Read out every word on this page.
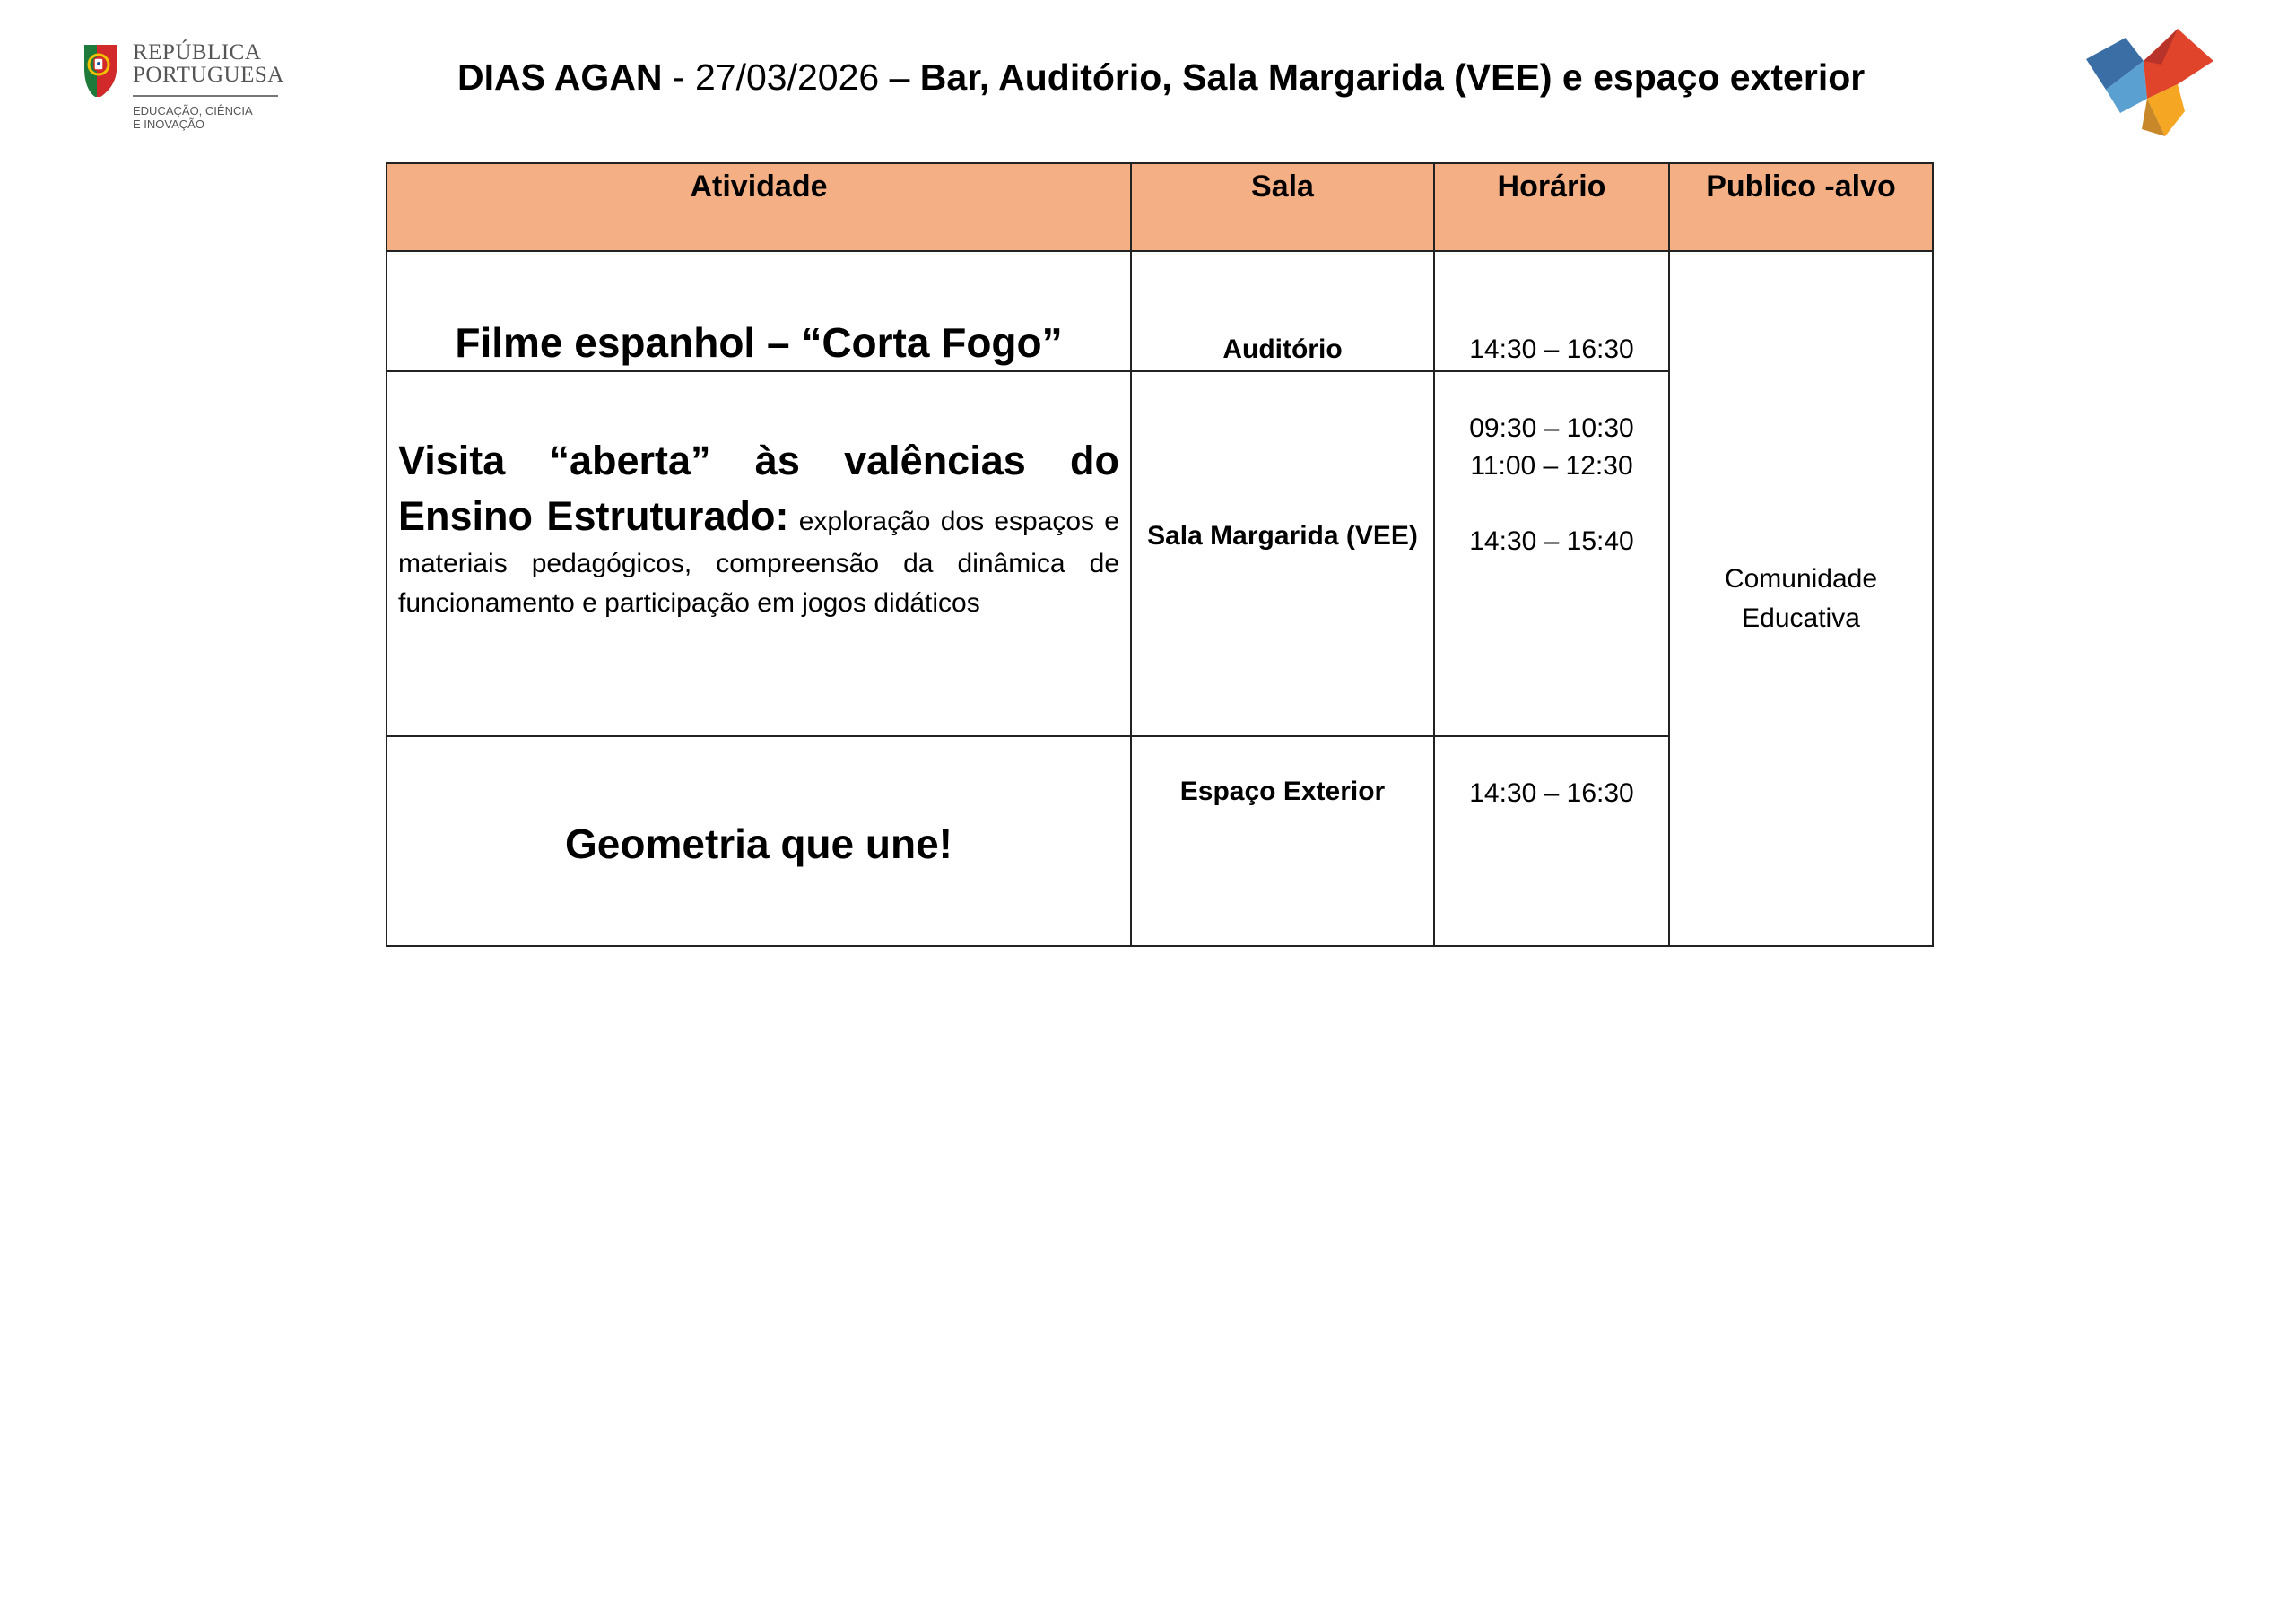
REPÚBLICA
PORTUGUESA
EDUCAÇÃO, CIÊNCIA
E INOVAÇÃO
DIAS AGAN - 27/03/2026 – Bar, Auditório, Sala Margarida (VEE) e espaço exterior
Atividade	Sala	Horário	Publico -alvo

Filme espanhol – “Corta Fogo”	Auditório	14:30 – 16:30	Comunidade
Educativa

Visita “aberta” às valências do Ensino Estruturado: exploração dos espaços e materiais pedagógicos, compreensão da dinâmica de funcionamento e participação em jogos didáticos	Sala Margarida (VEE)	09:30 – 10:30
11:00 – 12:30
14:30 – 15:40	

Geometria que une!	Espaço Exterior	14:30 – 16:30	
